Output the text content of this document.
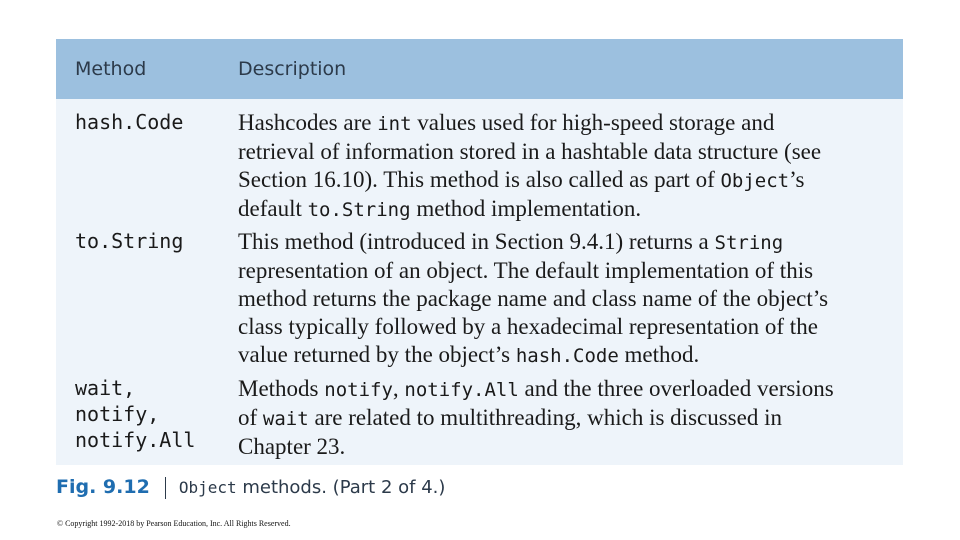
Method	Description
hash.Code Hashcodes are int values used for high-speed storage and
retrieval of information stored in a hashtable data structure (see
Section 16.10). This method is also called as part of Object’s
default to.String method implementation.
to.String This method (introduced in Section 9.4.1) returns a String
representation of an object. The default implementation of this
method returns the package name and class name of the object’s
class typically followed by a hexadecimal representation of the
value returned by the object’s hash.Code method.
wait,
notify,
notify.All
Methods notify, notify.All and the three overloaded versions
of wait are related to multithreading, which is discussed in
Chapter 23.
Fig. 9.12 Object methods. (Part 2 of 4.)
© Copyright 1992-2018 by Pearson Education, Inc. All Rights Reserved.
